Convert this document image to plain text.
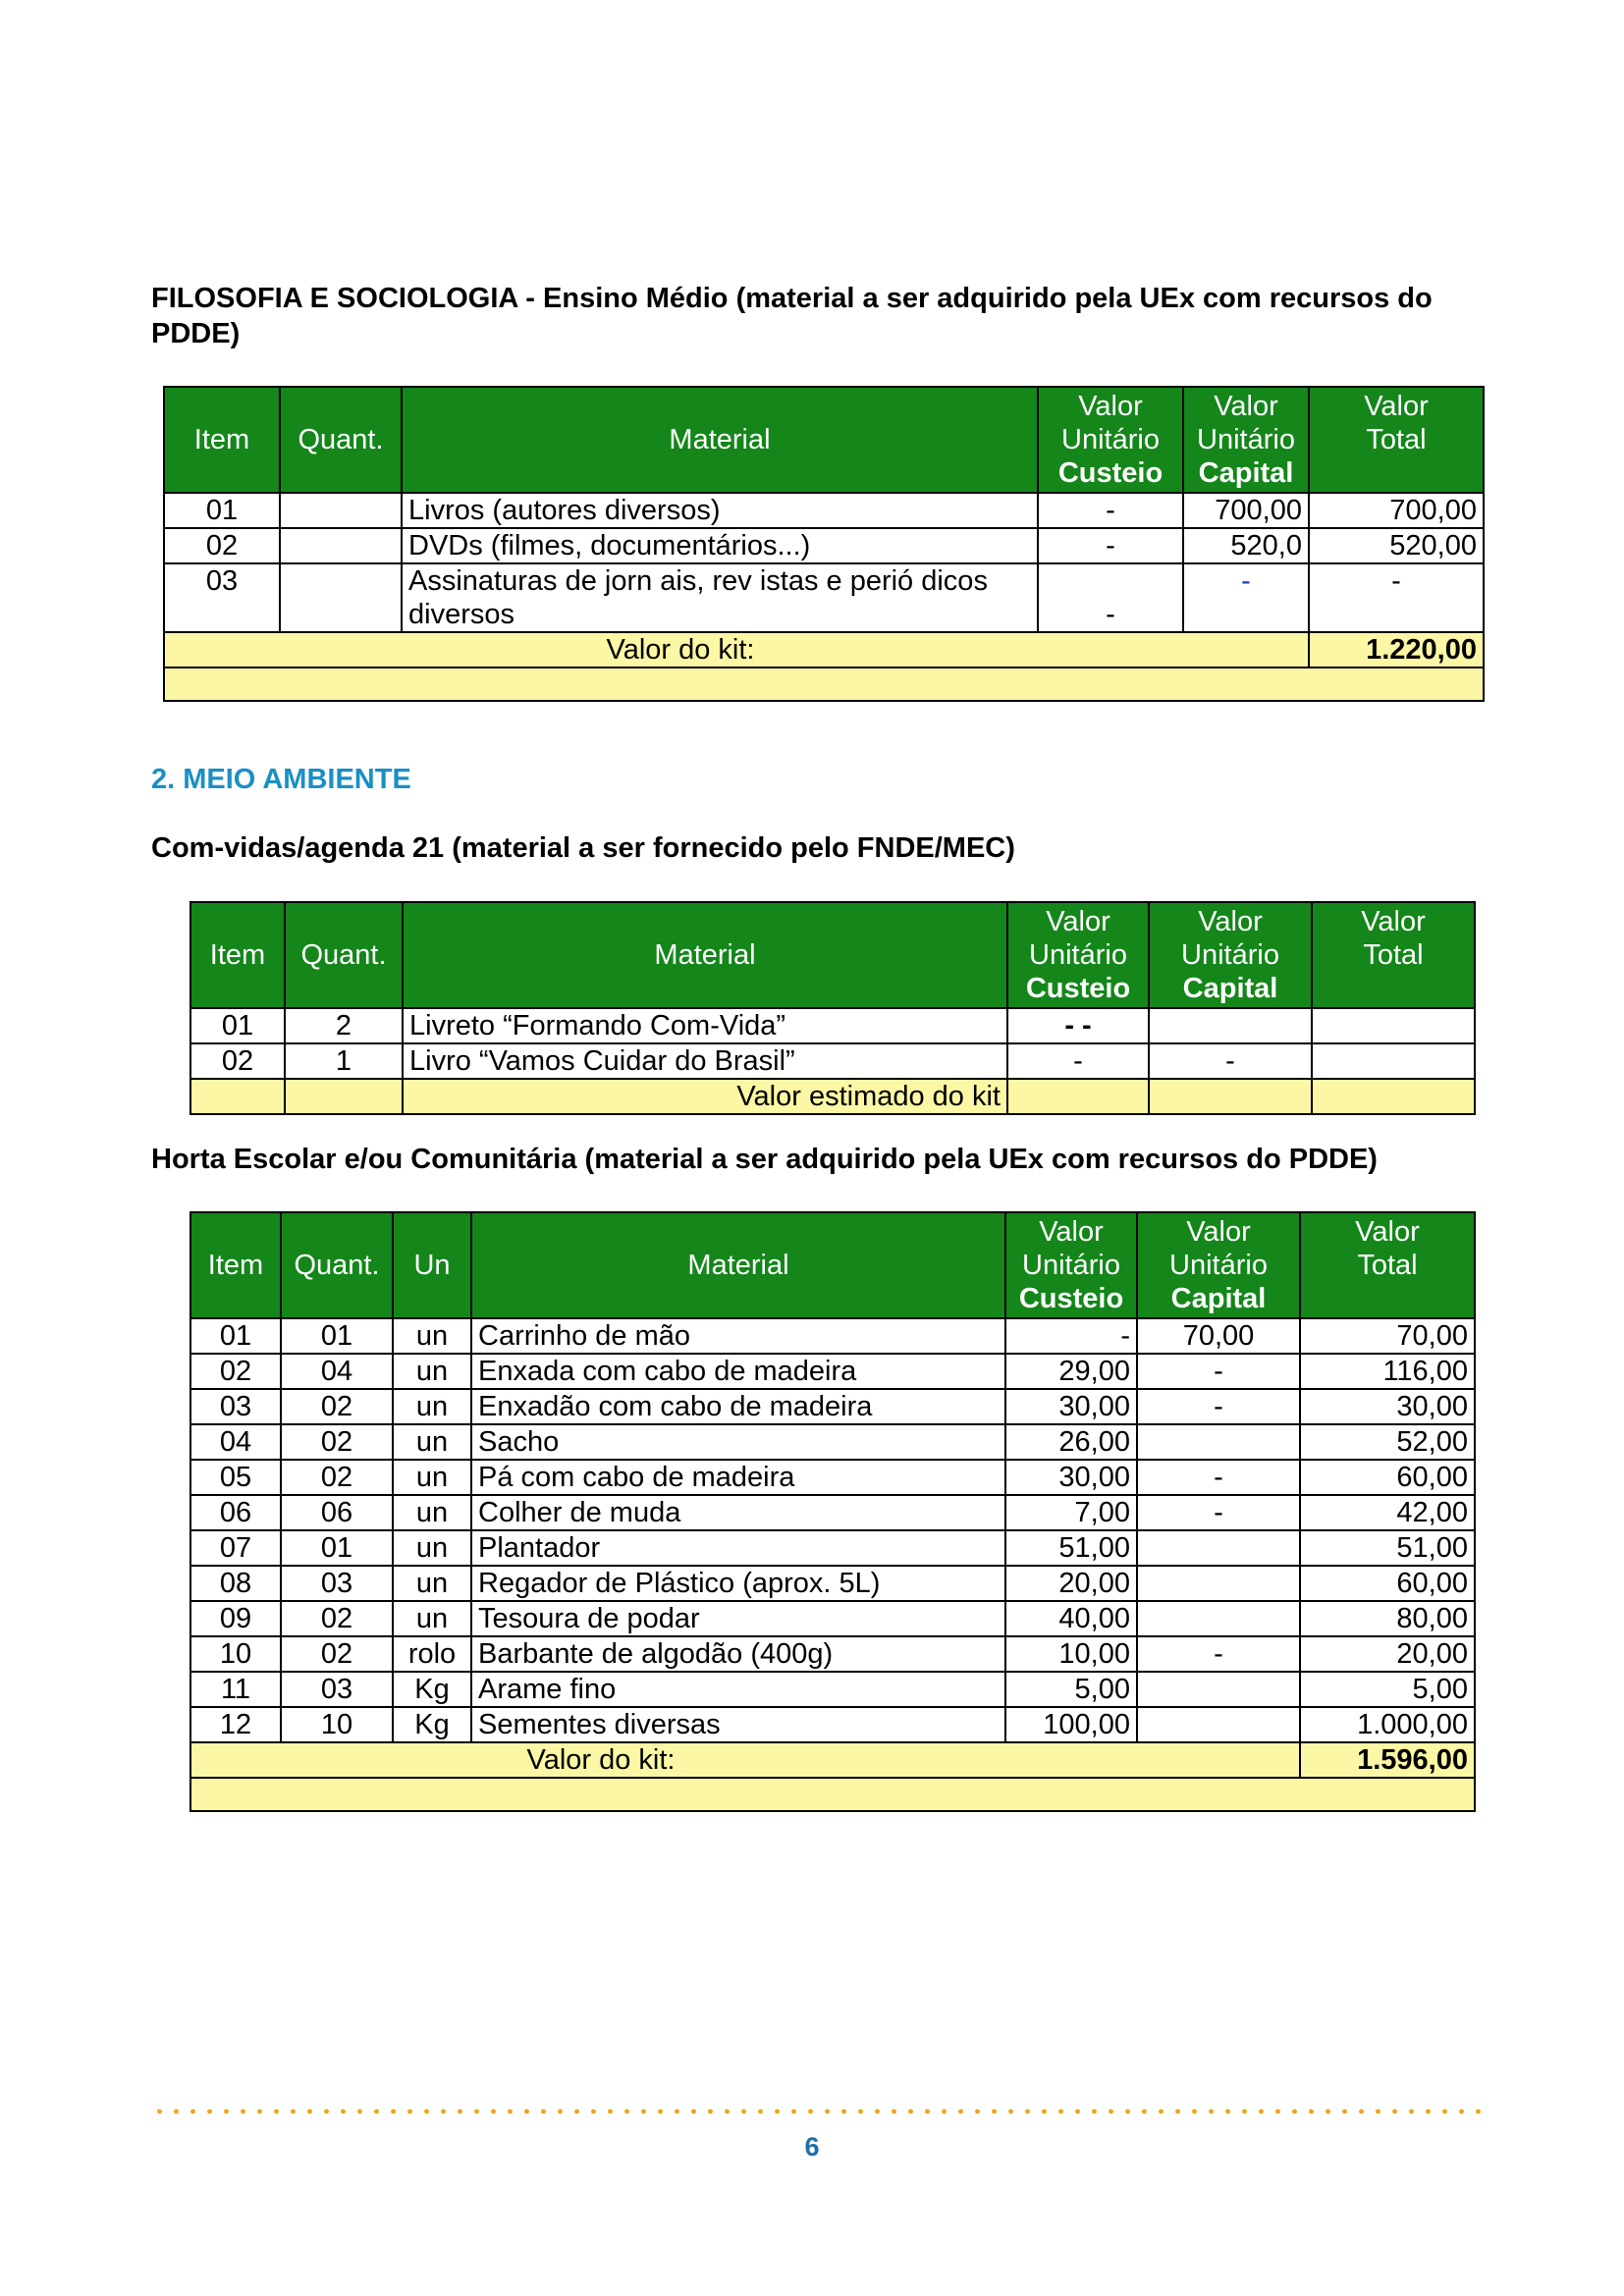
FILOSOFIA E SOCIOLOGIA - Ensino Médio (material a ser adquirido pela UEx com recursos do PDDE)
Item	Quant.	Material	Valor
Unitário
Custeio	Valor
Unitário
Capital	Valor
Total

01		Livros (autores diversos)	-	700,00	700,00
02		DVDs (filmes, documentários...)	-	520,0	520,00
03		Assinaturas de jorn ais, rev istas e perió dicos diversos	-	-	-
Valor do kit:					1.220,00

2. MEIO AMBIENTE
Com-vidas/agenda 21 (material a ser fornecido pelo FNDE/MEC)
Item	Quant.	Material	Valor
Unitário
Custeio	Valor
Unitário
Capital	Valor
Total

01	2	Livreto “Formando Com-Vida”	- -		
02	1	Livro “Vamos Cuidar do Brasil”	-	-	
		Valor estimado do kit			
Horta Escolar e/ou Comunitária (material a ser adquirido pela UEx com recursos do PDDE)
Item	Quant.	Un	Material	Valor
Unitário
Custeio	Valor
Unitário
Capital	Valor
Total

01	01	un	Carrinho de mão	-	70,00	70,00
02	04	un	Enxada com cabo de madeira	29,00	-	116,00
03	02	un	Enxadão com cabo de madeira	30,00	-	30,00
04	02	un	Sacho	26,00		52,00
05	02	un	Pá com cabo de madeira	30,00	-	60,00
06	06	un	Colher de muda	7,00	-	42,00
07	01	un	Plantador	51,00		51,00
08	03	un	Regador de Plástico (aprox. 5L)	20,00		60,00
09	02	un	Tesoura de podar	40,00		80,00
10	02	rolo	Barbante de algodão (400g)	10,00	-	20,00
11	03	Kg	Arame fino	5,00		5,00
12	10	Kg	Sementes diversas	100,00		1.000,00
Valor do kit:						1.596,00

6
